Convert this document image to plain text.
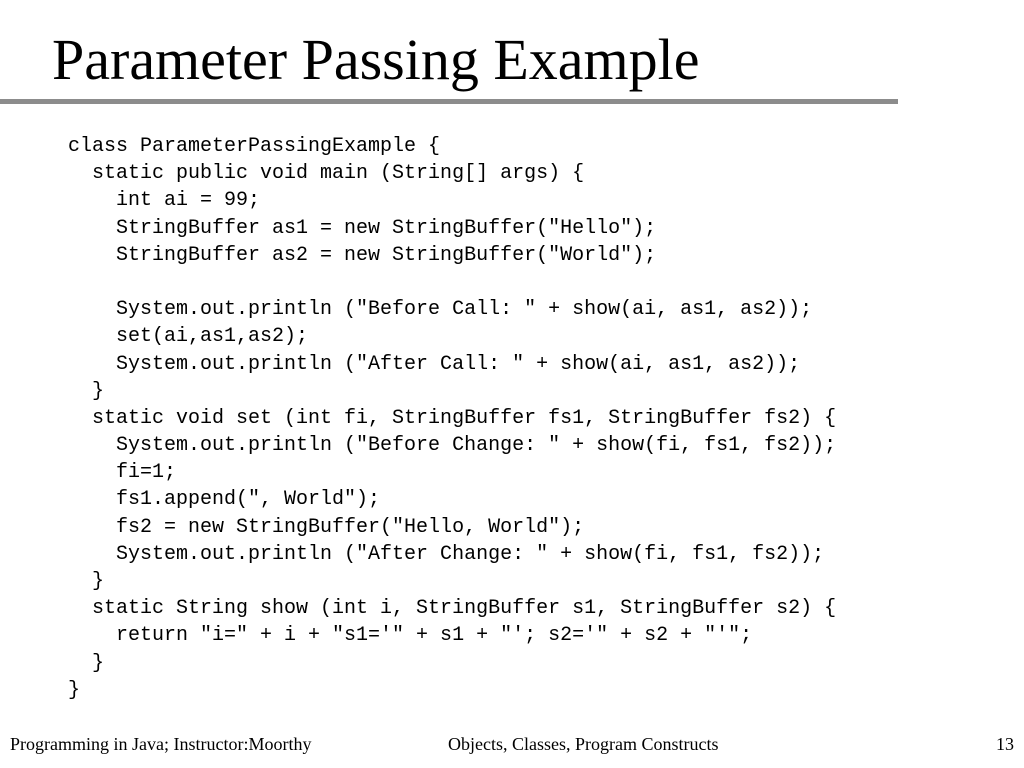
Parameter Passing Example
class ParameterPassingExample {
static public void main (String[] args) {
int ai = 99;
StringBuffer as1 = new StringBuffer("Hello");
StringBuffer as2 = new StringBuffer("World");
System.out.println ("Before Call: " + show(ai, as1, as2));
set(ai,as1,as2);
System.out.println ("After Call: " + show(ai, as1, as2));
}
static void set (int fi, StringBuffer fs1, StringBuffer fs2) {
System.out.println ("Before Change: " + show(fi, fs1, fs2));
fi=1;
fs1.append(", World");
fs2 = new StringBuffer("Hello, World");
System.out.println ("After Change: " + show(fi, fs1, fs2));
}
static String show (int i, StringBuffer s1, StringBuffer s2) {
return "i=" + i + "s1='" + s1 + "'; s2='" + s2 + "'";
}
}
Programming in Java; Instructor:Moorthy	Objects, Classes, Program Constructs	13
